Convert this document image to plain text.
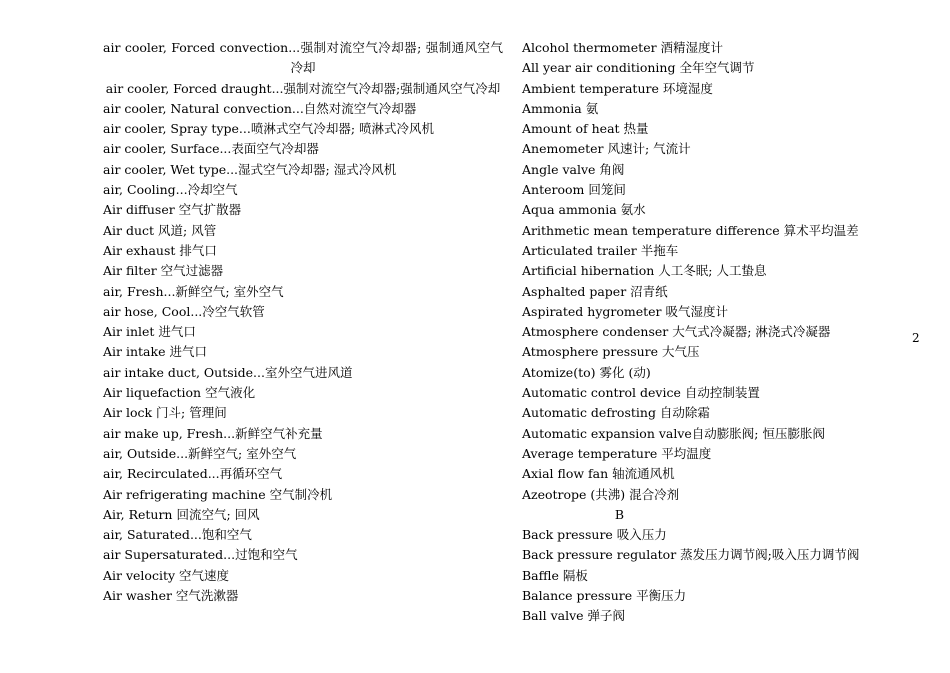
air cooler, Forced convection...强制对流空气冷却器; 强制通风空气冷却
air cooler, Forced draught...强制对流空气冷却器;强制通风空气冷却
air cooler, Natural convection...自然对流空气冷却器
air cooler, Spray type...喷淋式空气冷却器; 喷淋式冷风机
air cooler, Surface...表面空气冷却器
air cooler, Wet type...湿式空气冷却器; 湿式冷风机
air, Cooling...冷却空气
Air diffuser 空气扩散器
Air duct 风道; 风管
Air exhaust 排气口
Air filter 空气过滤器
air, Fresh...新鲜空气; 室外空气
air hose, Cool...冷空气软管
Air inlet 进气口
Air intake 进气口
air intake duct, Outside...室外空气进风道
Air liquefaction 空气液化
Air lock 门斗; 管理间
air make up, Fresh...新鲜空气补充量
air, Outside...新鲜空气; 室外空气
air, Recirculated...再循环空气
Air refrigerating machine 空气制冷机
Air, Return 回流空气; 回风
air, Saturated...饱和空气
air Supersaturated...过饱和空气
Air velocity 空气速度
Air washer 空气洗漱器
Alcohol thermometer 酒精湿度计
All year air conditioning 全年空气调节
Ambient temperature 环境湿度
Ammonia 氨
Amount of heat 热量
Anemometer 风速计; 气流计
Angle valve 角阀
Anteroom 回笼间
Aqua ammonia 氨水
Arithmetic mean temperature difference 算术平均温差
Articulated trailer 半拖车
Artificial hibernation 人工冬眠; 人工蛰息
Asphalted paper 沼青纸
Aspirated hygrometer 吸气湿度计
Atmosphere condenser 大气式冷凝器; 淋浇式冷凝器
Atmosphere pressure 大气压
Atomize(to) 雾化 (动)
Automatic control device 自动控制装置
Automatic defrosting 自动除霜
Automatic expansion valve自动膨胀阀; 恒压膨胀阀
Average temperature 平均温度
Axial flow fan 轴流通风机
Azeotrope (共沸) 混合冷剂
B
Back pressure 吸入压力
Back pressure regulator 蒸发压力调节阀;吸入压力调节阀
Baffle 隔板
Balance pressure 平衡压力
Ball valve 弹子阀
2
